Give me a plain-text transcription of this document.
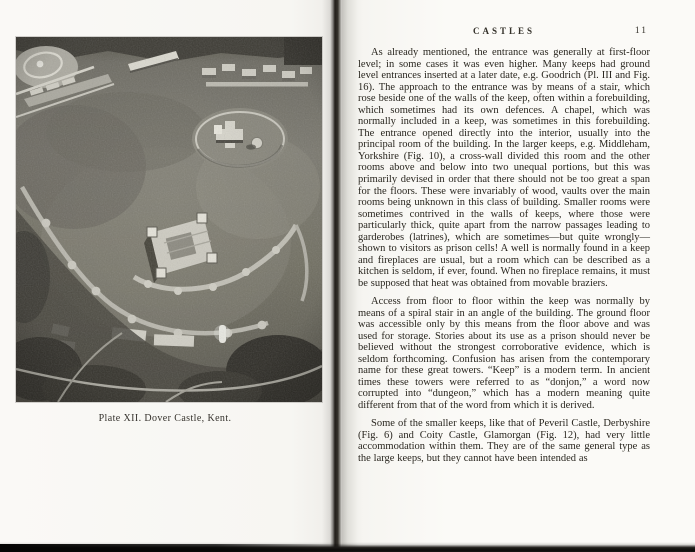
Plate XII. Dover Castle, Kent.
CASTLES	11

As already mentioned, the entrance was generally at first-floor level; in some cases it was even higher. Many keeps had ground level entrances inserted at a later date, e.g. Goodrich (Pl. III and Fig. 16). The approach to the entrance was by means of a stair, which rose beside one of the walls of the keep, often within a forebuilding, which sometimes had its own defences. A chapel, which was normally included in a keep, was sometimes in this forebuilding. The entrance opened directly into the interior, usually into the principal room of the building. In the larger keeps, e.g. Middleham, Yorkshire (Fig. 10), a cross-wall divided this room and the other rooms above and below into two unequal portions, but this was primarily devised in order that there should not be too great a span for the floors. These were invariably of wood, vaults over the main rooms being unknown in this class of building. Smaller rooms were sometimes contrived in the walls of keeps, where those were particularly thick, quite apart from the narrow passages leading to garderobes (latrines), which are sometimes—but quite wrongly—shown to visitors as prison cells! A well is normally found in a keep and fireplaces are usual, but a room which can be described as a kitchen is seldom, if ever, found. When no fireplace remains, it must be supposed that heat was obtained from movable braziers.

Access from floor to floor within the keep was normally by means of a spiral stair in an angle of the building. The ground floor was accessible only by this means from the floor above and was used for storage. Stories about its use as a prison should never be believed without the strongest corroborative evidence, which is seldom forthcoming. Confusion has arisen from the contemporary name for these great towers. “Keep” is a modern term. In ancient times these towers were referred to as “donjon,” a word now corrupted into “dungeon,” which has a modern meaning quite different from that of the word from which it is derived.

Some of the smaller keeps, like that of Peveril Castle, Derbyshire (Fig. 6) and Coity Castle, Glamorgan (Fig. 12), had very little accommodation within them. They are of the same general type as the large keeps, but they cannot have been intended as
